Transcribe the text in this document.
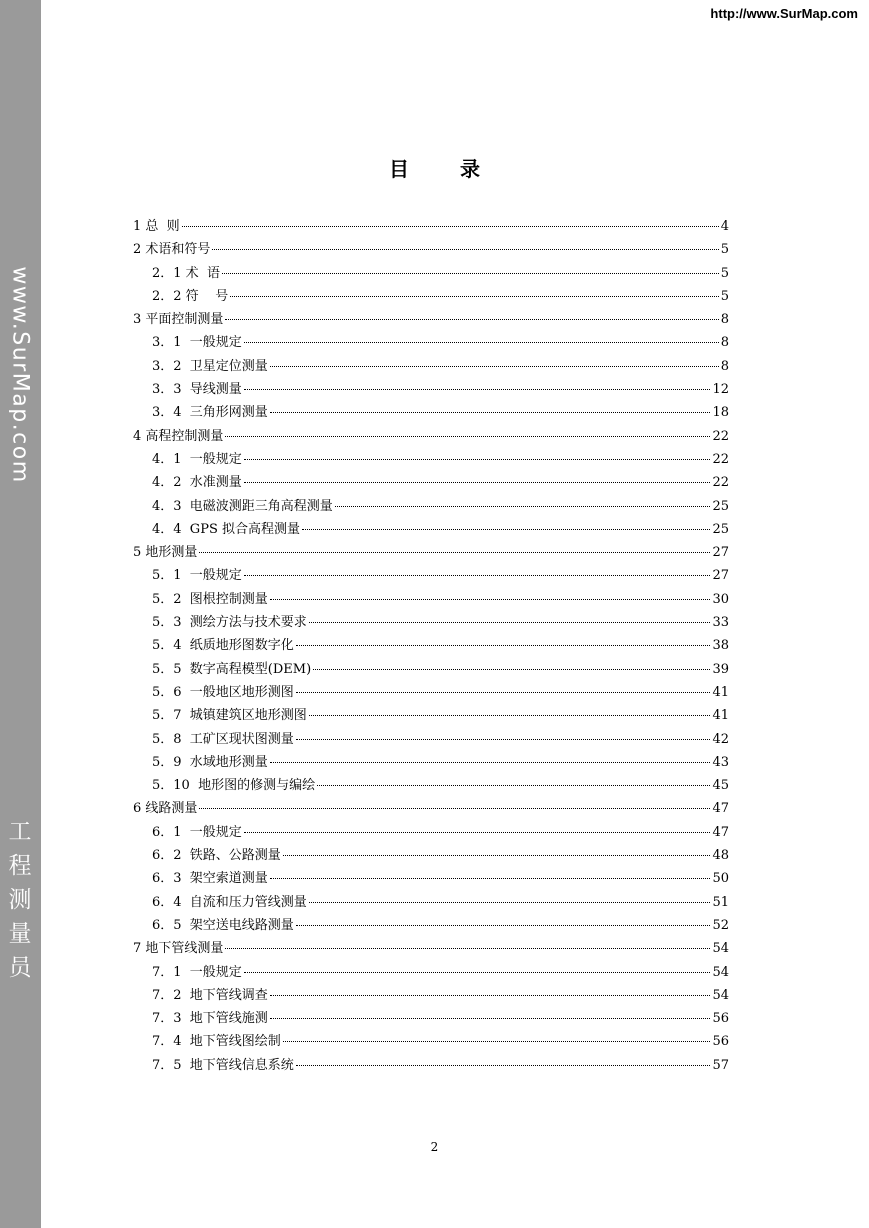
www.SurMap.com
工
程
测
量
员
http://www.SurMap.com
目 录
1 总  则	4
2 术语和符号	5
2．1 术  语	5
2．2 符    号	5
3 平面控制测量	8
3．1  一般规定	8
3．2  卫星定位测量	8
3．3  导线测量	12
3．4  三角形网测量	18
4 高程控制测量	22
4．1  一般规定	22
4．2  水准测量	22
4．3  电磁波测距三角高程测量	25
4．4  GPS 拟合高程测量	25
5 地形测量	27
5．1  一般规定	27
5．2  图根控制测量	30
5．3  测绘方法与技术要求	33
5．4  纸质地形图数字化	38
5．5  数字高程模型(DEM)	39
5．6  一般地区地形测图	41
5．7  城镇建筑区地形测图	41
5．8  工矿区现状图测量	42
5．9  水域地形测量	43
5．10  地形图的修测与编绘	45
6 线路测量	47
6．1  一般规定	47
6．2  铁路、公路测量	48
6．3  架空索道测量	50
6．4  自流和压力管线测量	51
6．5  架空送电线路测量	52
7 地下管线测量	54
7．1  一般规定	54
7．2  地下管线调查	54
7．3  地下管线施测	56
7．4  地下管线图绘制	56
7．5  地下管线信息系统	57
2
